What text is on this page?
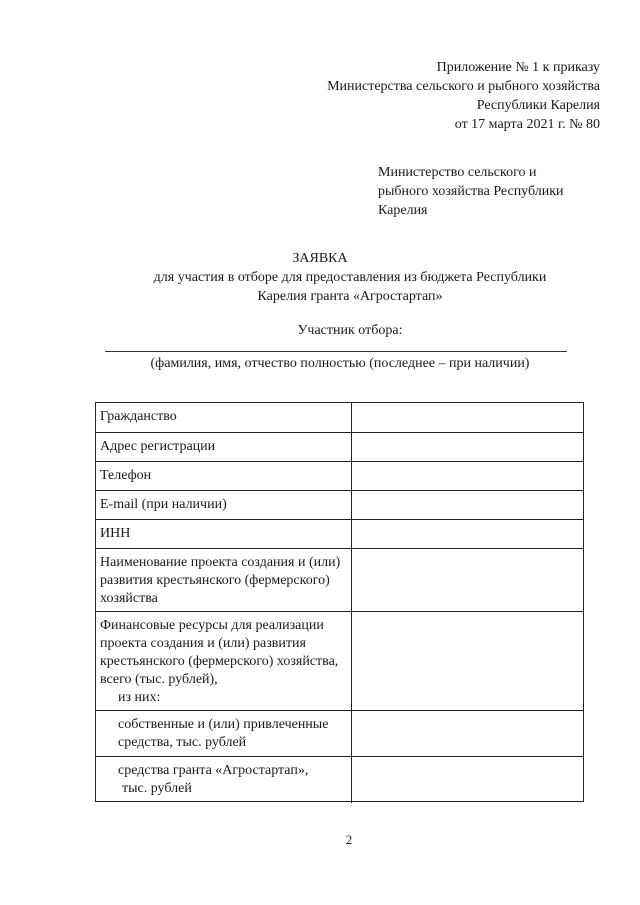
Приложение № 1 к приказу
Министерства сельского и рыбного хозяйства
Республики Карелия
от 17 марта 2021 г. № 80
Министерство сельского и
рыбного хозяйства Республики
Карелия
ЗАЯВКА
для участия в отборе для предоставления из бюджета Республики Карелия гранта «Агростартап»
Участник отбора:
(фамилия, имя, отчество полностью (последнее – при наличии)
Гражданство
Адрес регистрации
Телефон
E-mail (при наличии)
ИНН
Наименование проекта создания и (или) развития крестьянского (фермерского) хозяйства
Финансовые ресурсы для реализации проекта создания и (или) развития крестьянского (фермерского) хозяйства, всего (тыс. рублей),
из них:
собственные и (или) привлеченные средства, тыс. рублей
средства гранта «Агростартап»,
тыс. рублей
2
